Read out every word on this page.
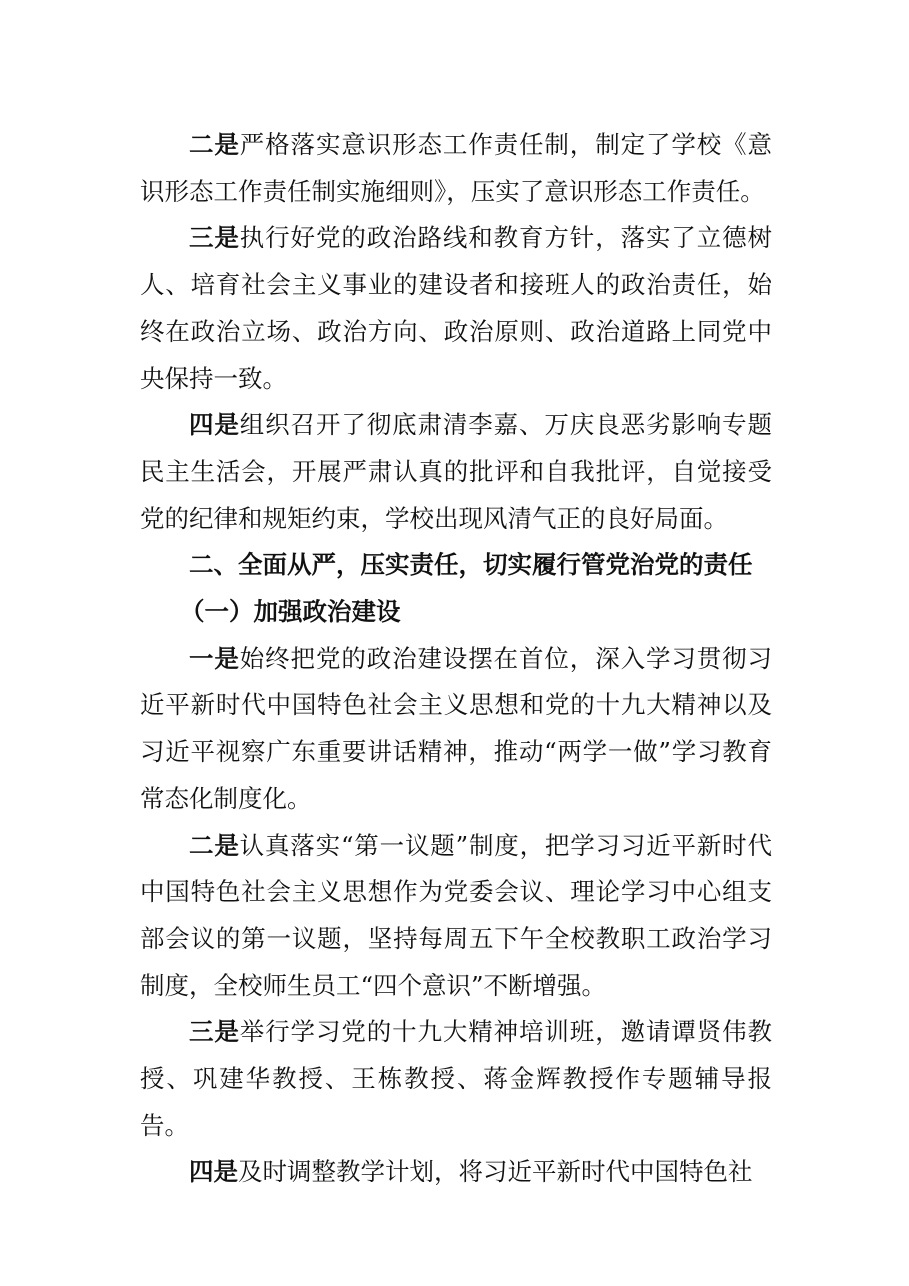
二是严格落实意识形态工作责任制，制定了学校《意识形态工作责任制实施细则》，压实了意识形态工作责任。

三是执行好党的政治路线和教育方针，落实了立德树人、培育社会主义事业的建设者和接班人的政治责任，始终在政治立场、政治方向、政治原则、政治道路上同党中央保持一致。

四是组织召开了彻底肃清李嘉、万庆良恶劣影响专题民主生活会，开展严肃认真的批评和自我批评，自觉接受党的纪律和规矩约束，学校出现风清气正的良好局面。

二、全面从严，压实责任，切实履行管党治党的责任

（一）加强政治建设

一是始终把党的政治建设摆在首位，深入学习贯彻习近平新时代中国特色社会主义思想和党的十九大精神以及习近平视察广东重要讲话精神，推动“两学一做”学习教育常态化制度化。

二是认真落实“第一议题”制度，把学习习近平新时代中国特色社会主义思想作为党委会议、理论学习中心组支部会议的第一议题，坚持每周五下午全校教职工政治学习制度，全校师生员工“四个意识”不断增强。

三是举行学习党的十九大精神培训班，邀请谭贤伟教授、巩建华教授、王栋教授、蒋金辉教授作专题辅导报告。

四是及时调整教学计划，将习近平新时代中国特色社
